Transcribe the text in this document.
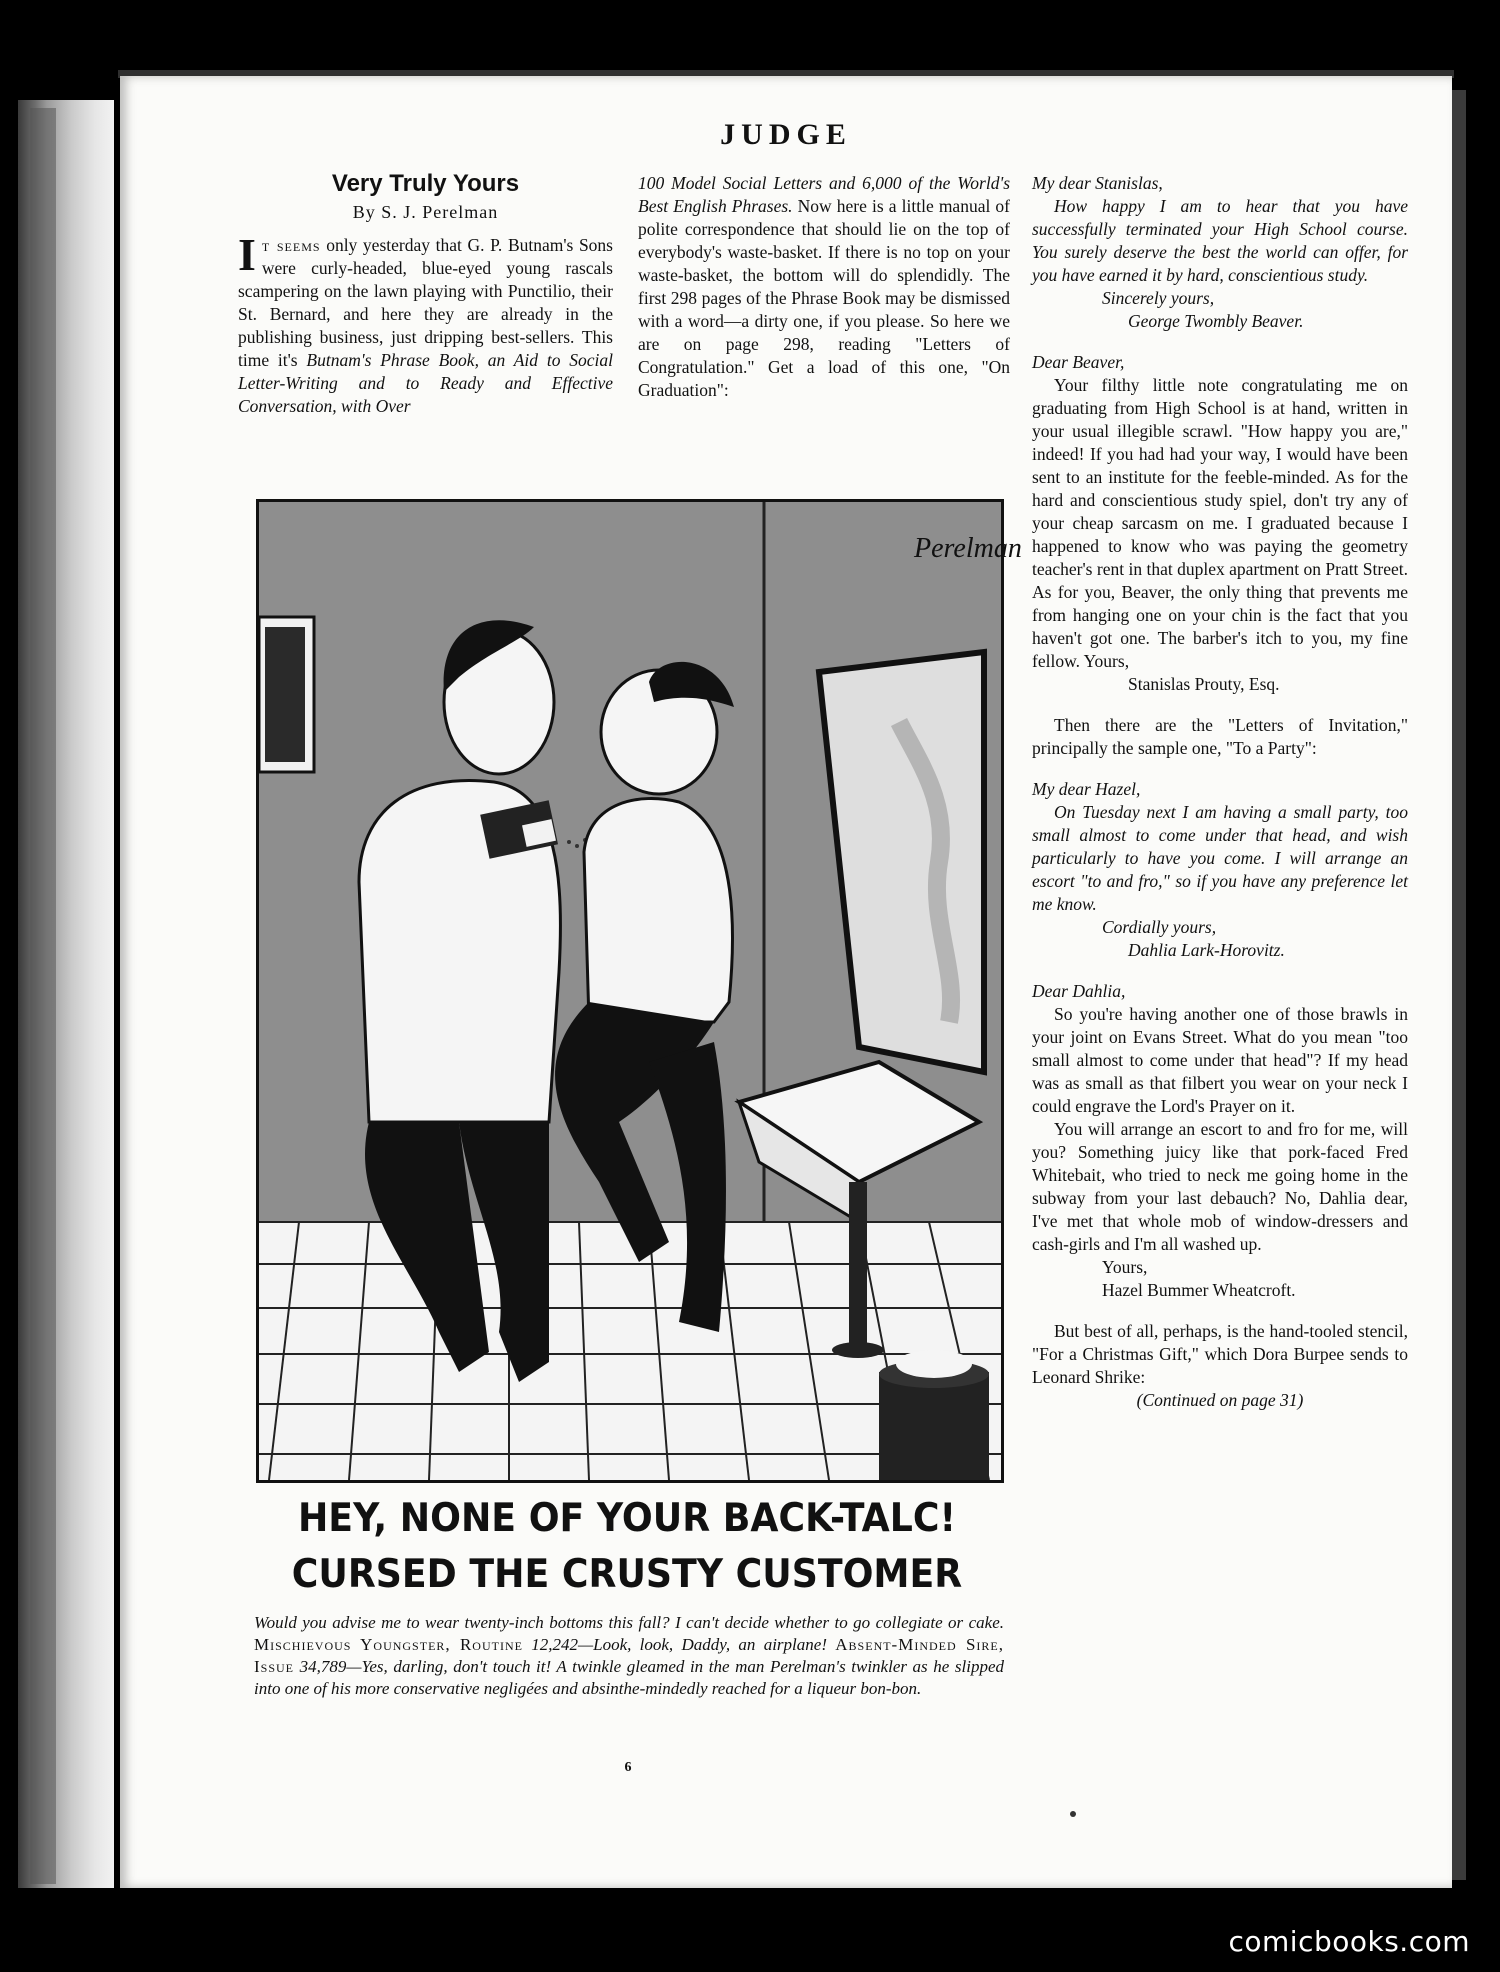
JUDGE
Very Truly Yours
By S. J. Perelman

It seems only yesterday that G. P. Butnam's Sons were curly-headed, blue-eyed young rascals scampering on the lawn playing with Punctilio, their St. Bernard, and here they are already in the publishing business, just dripping best-sellers. This time it's Butnam's Phrase Book, an Aid to Social Letter-Writing and to Ready and Effective Conversation, with Over

100 Model Social Letters and 6,000 of the World's Best English Phrases. Now here is a little manual of polite correspondence that should lie on the top of everybody's waste-basket. If there is no top on your waste-basket, the bottom will do splendidly. The first 298 pages of the Phrase Book may be dismissed with a word—a dirty one, if you please. So here we are on page 298, reading "Letters of Congratulation." Get a load of this one, "On Graduation":

My dear Stanislas,

How happy I am to hear that you have successfully terminated your High School course. You surely deserve the best the world can offer, for you have earned it by hard, conscientious study.

Sincerely yours,

George Twombly Beaver.

Dear Beaver,

Your filthy little note congratulating me on graduating from High School is at hand, written in your usual illegible scrawl. "How happy you are," indeed! If you had had your way, I would have been sent to an institute for the feeble-minded. As for the hard and conscientious study spiel, don't try any of your cheap sarcasm on me. I graduated because I happened to know who was paying the geometry teacher's rent in that duplex apartment on Pratt Street. As for you, Beaver, the only thing that prevents me from hanging one on your chin is the fact that you haven't got one. The barber's itch to you, my fine fellow. Yours,

Stanislas Prouty, Esq.

Then there are the "Letters of Invitation," principally the sample one, "To a Party":

My dear Hazel,

On Tuesday next I am having a small party, too small almost to come under that head, and wish particularly to have you come. I will arrange an escort "to and fro," so if you have any preference let me know.

Cordially yours,

Dahlia Lark-Horovitz.

Dear Dahlia,

So you're having another one of those brawls in your joint on Evans Street. What do you mean "too small almost to come under that head"? If my head was as small as that filbert you wear on your neck I could engrave the Lord's Prayer on it.

You will arrange an escort to and fro for me, will you? Something juicy like that pork-faced Fred Whitebait, who tried to neck me going home in the subway from your last debauch? No, Dahlia dear, I've met that whole mob of window-dressers and cash-girls and I'm all washed up.

Yours,

Hazel Bummer Wheatcroft.

But best of all, perhaps, is the hand-tooled stencil, "For a Christmas Gift," which Dora Burpee sends to Leonard Shrike:

(Continued on page 31)

Perelman
HEY, NONE OF YOUR BACK-TALC!
CURSED THE CRUSTY CUSTOMER

Would you advise me to wear twenty-inch bottoms this fall? I can't decide whether to go collegiate or cake. Mischievous Youngster, Routine 12,242—Look, look, Daddy, an airplane! Absent-Minded Sire, Issue 34,789—Yes, darling, don't touch it! A twinkle gleamed in the man Perelman's twinkler as he slipped into one of his more conservative negligées and absinthe-mindedly reached for a liqueur bon-bon.

6
comicbooks.com
